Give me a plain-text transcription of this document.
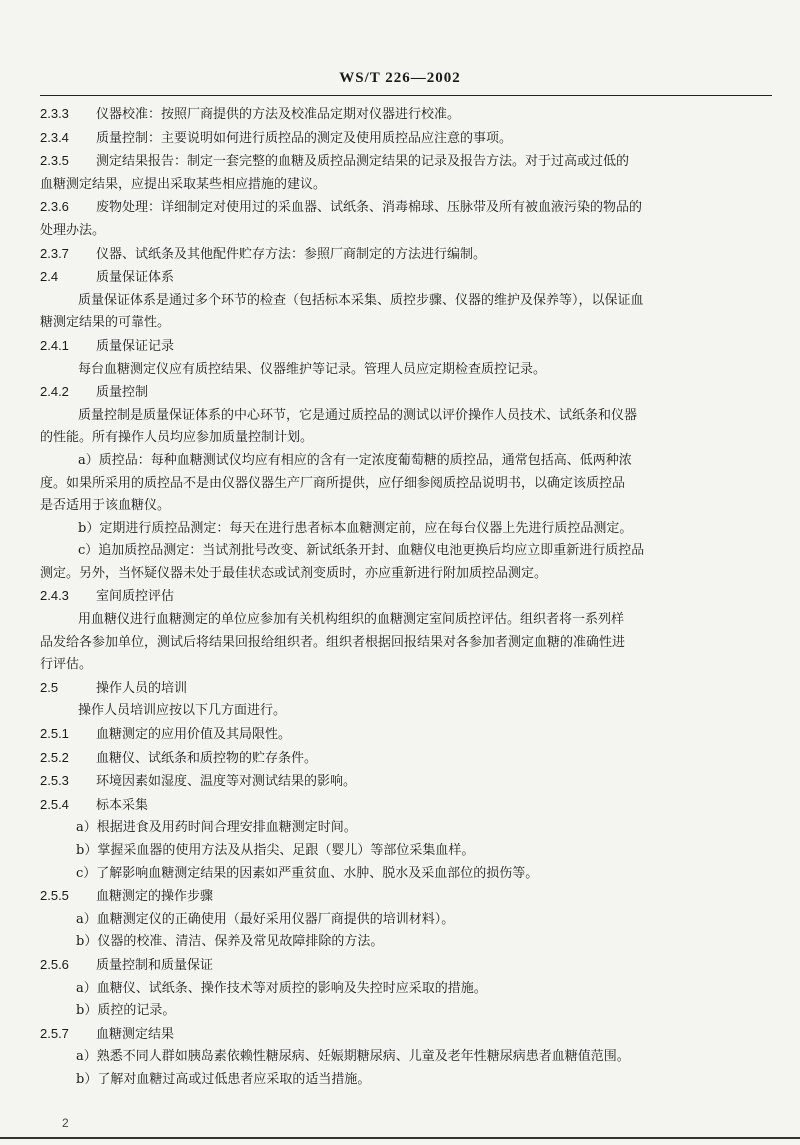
WS/T 226—2002
2.3.3 仪器校准：按照厂商提供的方法及校准品定期对仪器进行校准。
2.3.4 质量控制：主要说明如何进行质控品的测定及使用质控品应注意的事项。
2.3.5 测定结果报告：制定一套完整的血糖及质控品测定结果的记录及报告方法。对于过高或过低的
血糖测定结果，应提出采取某些相应措施的建议。
2.3.6 废物处理：详细制定对使用过的采血器、试纸条、消毒棉球、压脉带及所有被血液污染的物品的
处理办法。
2.3.7 仪器、试纸条及其他配件贮存方法：参照厂商制定的方法进行编制。
2.4	质量保证体系
质量保证体系是通过多个环节的检查（包括标本采集、质控步骤、仪器的维护及保养等），以保证血
糖测定结果的可靠性。
2.4.1 质量保证记录
每台血糖测定仪应有质控结果、仪器维护等记录。管理人员应定期检查质控记录。
2.4.2 质量控制
质量控制是质量保证体系的中心环节，它是通过质控品的测试以评价操作人员技术、试纸条和仪器
的性能。所有操作人员均应参加质量控制计划。
a）质控品：每种血糖测试仪均应有相应的含有一定浓度葡萄糖的质控品，通常包括高、低两种浓
度。如果所采用的质控品不是由仪器仪器生产厂商所提供，应仔细参阅质控品说明书，以确定该质控品
是否适用于该血糖仪。
b）定期进行质控品测定：每天在进行患者标本血糖测定前，应在每台仪器上先进行质控品测定。
c）追加质控品测定：当试剂批号改变、新试纸条开封、血糖仪电池更换后均应立即重新进行质控品
测定。另外，当怀疑仪器未处于最佳状态或试剂变质时，亦应重新进行附加质控品测定。
2.4.3 室间质控评估
用血糖仪进行血糖测定的单位应参加有关机构组织的血糖测定室间质控评估。组织者将一系列样
品发给各参加单位，测试后将结果回报给组织者。组织者根据回报结果对各参加者测定血糖的准确性进
行评估。
2.5	操作人员的培训
操作人员培训应按以下几方面进行。
2.5.1 血糖测定的应用价值及其局限性。
2.5.2 血糖仪、试纸条和质控物的贮存条件。
2.5.3 环境因素如湿度、温度等对测试结果的影响。
2.5.4 标本采集
a）根据进食及用药时间合理安排血糖测定时间。
b）掌握采血器的使用方法及从指尖、足跟（婴儿）等部位采集血样。
c）了解影响血糖测定结果的因素如严重贫血、水肿、脱水及采血部位的损伤等。
2.5.5 血糖测定的操作步骤
a）血糖测定仪的正确使用（最好采用仪器厂商提供的培训材料）。
b）仪器的校准、清洁、保养及常见故障排除的方法。
2.5.6 质量控制和质量保证
a）血糖仪、试纸条、操作技术等对质控的影响及失控时应采取的措施。
b）质控的记录。
2.5.7 血糖测定结果
a）熟悉不同人群如胰岛素依赖性糖尿病、妊娠期糖尿病、儿童及老年性糖尿病患者血糖值范围。
b）了解对血糖过高或过低患者应采取的适当措施。
2
